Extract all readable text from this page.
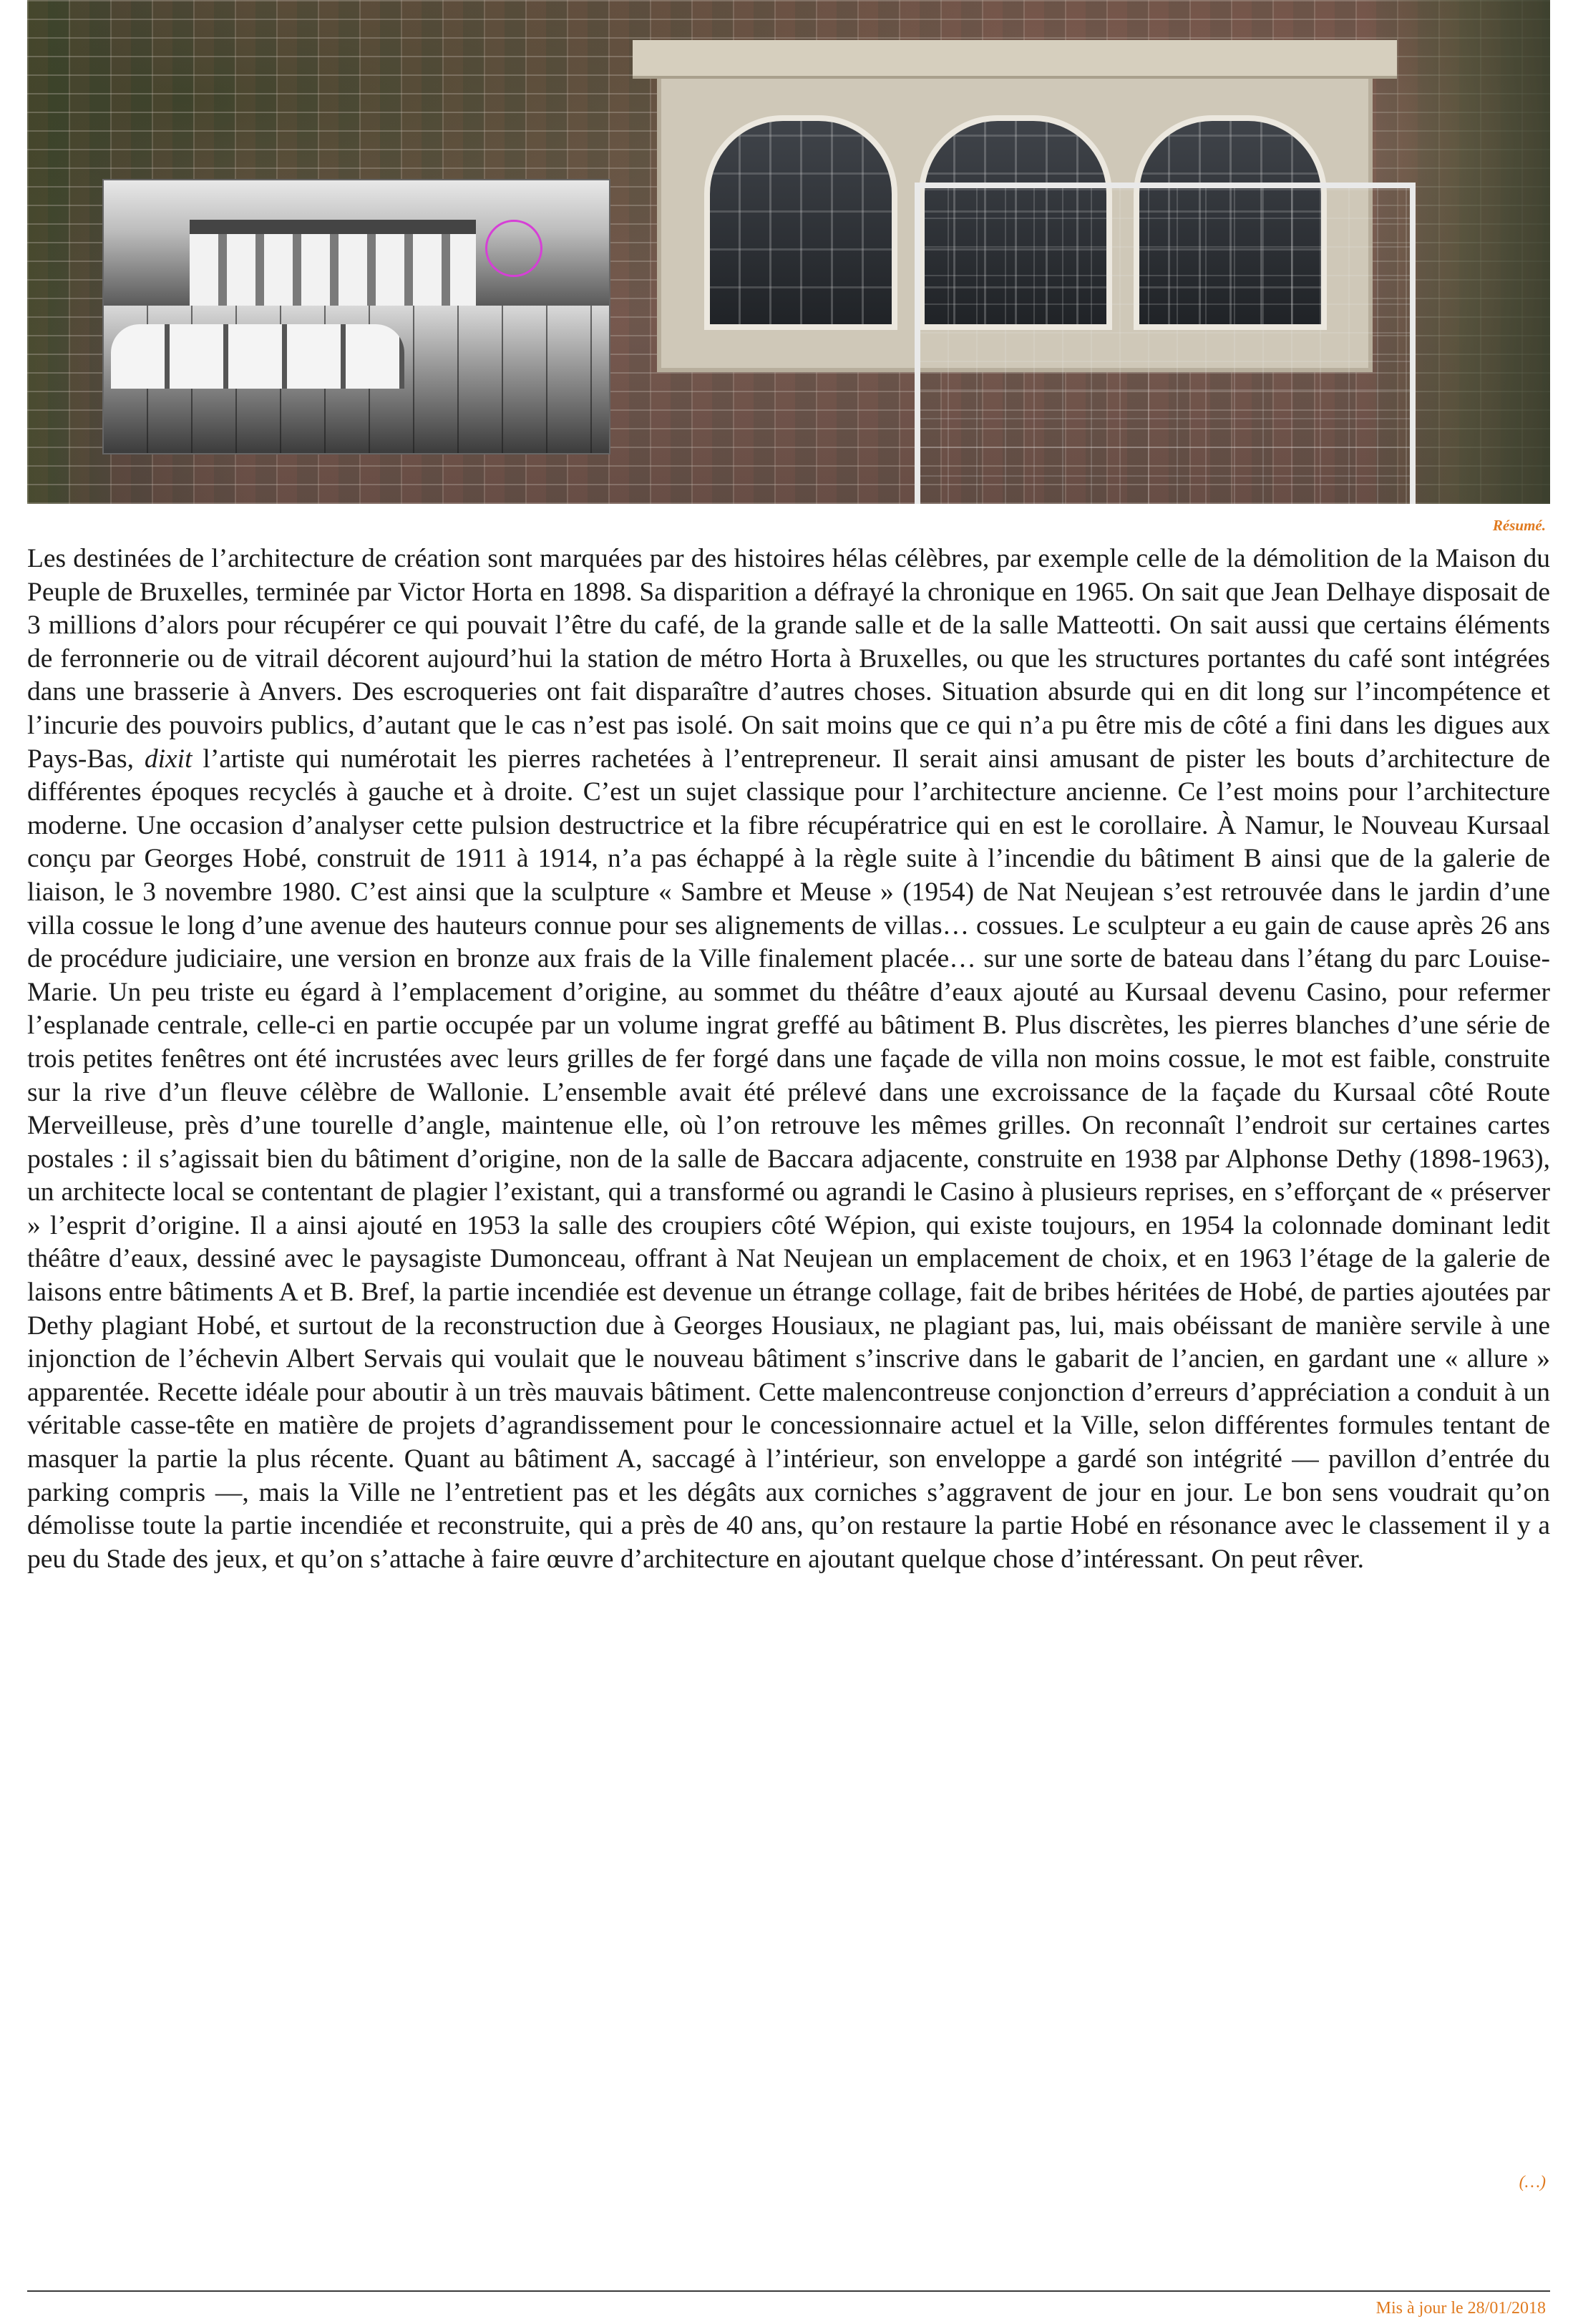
Résumé.

Les destinées de l’architecture de création sont marquées par des histoires hélas célèbres, par exemple celle de la démolition de la Maison du Peuple de Bruxelles, terminée par Victor Horta en 1898. Sa disparition a défrayé la chronique en 1965. On sait que Jean Delhaye disposait de 3 millions d’alors pour récupérer ce qui pouvait l’être du café, de la grande salle et de la salle Matteotti. On sait aussi que certains éléments de ferronnerie ou de vitrail décorent aujourd’hui la station de métro Horta à Bruxelles, ou que les structures portantes du café sont intégrées dans une brasserie à Anvers. Des escroqueries ont fait disparaître d’autres choses. Situation absurde qui en dit long sur l’incompétence et l’incurie des pouvoirs publics, d’autant que le cas n’est pas isolé. On sait moins que ce qui n’a pu être mis de côté a fini dans les digues aux Pays-Bas, dixit l’artiste qui numérotait les pierres rachetées à l’entrepreneur. Il serait ainsi amusant de pister les bouts d’architecture de différentes époques recyclés à gauche et à droite. C’est un sujet classique pour l’architecture ancienne. Ce l’est moins pour l’architecture moderne. Une occasion d’analyser cette pulsion destructrice et la fibre récupératrice qui en est le corollaire. À Namur, le Nouveau Kursaal conçu par Georges Hobé, construit de 1911 à 1914, n’a pas échappé à la règle suite à l’incendie du bâtiment B ainsi que de la galerie de liaison, le 3 novembre 1980. C’est ainsi que la sculpture « Sambre et Meuse » (1954) de Nat Neujean s’est retrouvée dans le jardin d’une villa cossue le long d’une avenue des hauteurs connue pour ses alignements de villas… cossues. Le sculpteur a eu gain de cause après 26 ans de procédure judiciaire, une version en bronze aux frais de la Ville finalement placée… sur une sorte de bateau dans l’étang du parc Louise-Marie. Un peu triste eu égard à l’emplacement d’origine, au sommet du théâtre d’eaux ajouté au Kursaal devenu Casino, pour refermer l’esplanade centrale, celle-ci en partie occupée par un volume ingrat greffé au bâtiment B. Plus discrètes, les pierres blanches d’une série de trois petites fenêtres ont été incrustées avec leurs grilles de fer forgé dans une façade de villa non moins cossue, le mot est faible, construite sur la rive d’un fleuve célèbre de Wallonie. L’ensemble avait été prélevé dans une excroissance de la façade du Kursaal côté Route Merveilleuse, près d’une tourelle d’angle, maintenue elle, où l’on retrouve les mêmes grilles. On reconnaît l’endroit sur certaines cartes postales : il s’agissait bien du bâtiment d’origine, non de la salle de Baccara adjacente, construite en 1938 par Alphonse Dethy (1898-1963), un architecte local se contentant de plagier l’existant, qui a transformé ou agrandi le Casino à plusieurs reprises, en s’efforçant de « préserver » l’esprit d’origine. Il a ainsi ajouté en 1953 la salle des croupiers côté Wépion, qui existe toujours, en 1954 la colonnade dominant ledit théâtre d’eaux, dessiné avec le paysagiste Dumonceau, offrant à Nat Neujean un emplacement de choix, et en 1963 l’étage de la galerie de laisons entre bâtiments A et B. Bref, la partie incendiée est devenue un étrange collage, fait de bribes héritées de Hobé, de parties ajoutées par Dethy plagiant Hobé, et surtout de la reconstruction due à Georges Housiaux, ne plagiant pas, lui, mais obéissant de manière servile à une injonction de l’échevin Albert Servais qui voulait que le nouveau bâtiment s’inscrive dans le gabarit de l’ancien, en gardant une « allure » apparentée. Recette idéale pour aboutir à un très mauvais bâtiment. Cette malencontreuse conjonction d’erreurs d’appréciation a conduit à un véritable casse-tête en matière de projets d’agrandissement pour le concessionnaire actuel et la Ville, selon différentes formules tentant de masquer la partie la plus récente. Quant au bâtiment A, saccagé à l’intérieur, son enveloppe a gardé son intégrité — pavillon d’entrée du parking compris —, mais la Ville ne l’entretient pas et les dégâts aux corniches s’aggravent de jour en jour. Le bon sens voudrait qu’on démolisse toute la partie incendiée et reconstruite, qui a près de 40 ans, qu’on restaure la partie Hobé en résonance avec le classement il y a peu du Stade des jeux, et qu’on s’attache à faire œuvre d’architecture en ajoutant quelque chose d’intéressant. On peut rêver.

(…)
Mis à jour le 28/01/2018
